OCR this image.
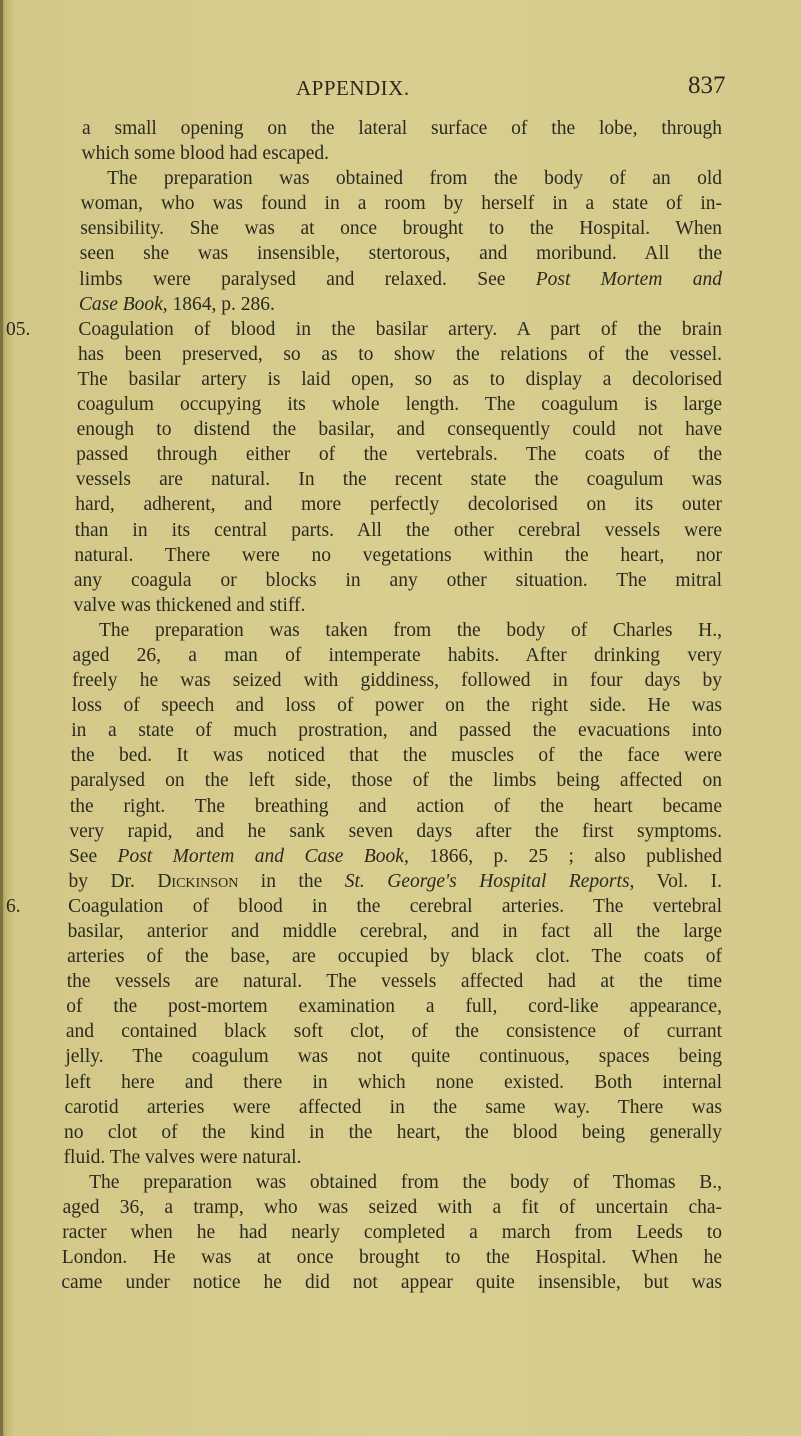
APPENDIX.	837
a small opening on the lateral surface of the lobe, through
which some blood had escaped.
The preparation was obtained from the body of an old
woman, who was found in a room by herself in a state of in-
sensibility. She was at once brought to the Hospital. When
seen she was insensible, stertorous, and moribund. All the
limbs were paralysed and relaxed. See Post Mortem and
Case Book, 1864, p. 286.
05. Coagulation of blood in the basilar artery. A part of the brain
has been preserved, so as to show the relations of the vessel.
The basilar artery is laid open, so as to display a decolorised
coagulum occupying its whole length. The coagulum is large
enough to distend the basilar, and consequently could not have
passed through either of the vertebrals. The coats of the
vessels are natural. In the recent state the coagulum was
hard, adherent, and more perfectly decolorised on its outer
than in its central parts. All the other cerebral vessels were
natural. There were no vegetations within the heart, nor
any coagula or blocks in any other situation. The mitral
valve was thickened and stiff.
The preparation was taken from the body of Charles H.,
aged 26, a man of intemperate habits. After drinking very
freely he was seized with giddiness, followed in four days by
loss of speech and loss of power on the right side. He was
in a state of much prostration, and passed the evacuations into
the bed. It was noticed that the muscles of the face were
paralysed on the left side, those of the limbs being affected on
the right. The breathing and action of the heart became
very rapid, and he sank seven days after the first symptoms.
See Post Mortem and Case Book, 1866, p. 25 ; also published
by Dr. Dickinson in the St. George's Hospital Reports, Vol. I.
6. Coagulation of blood in the cerebral arteries. The vertebral
basilar, anterior and middle cerebral, and in fact all the large
arteries of the base, are occupied by black clot. The coats of
the vessels are natural. The vessels affected had at the time
of the post-mortem examination a full, cord-like appearance,
and contained black soft clot, of the consistence of currant
jelly. The coagulum was not quite continuous, spaces being
left here and there in which none existed. Both internal
carotid arteries were affected in the same way. There was
no clot of the kind in the heart, the blood being generally
fluid. The valves were natural.
The preparation was obtained from the body of Thomas B.,
aged 36, a tramp, who was seized with a fit of uncertain cha-
racter when he had nearly completed a march from Leeds to
London. He was at once brought to the Hospital. When he
came under notice he did not appear quite insensible, but was
